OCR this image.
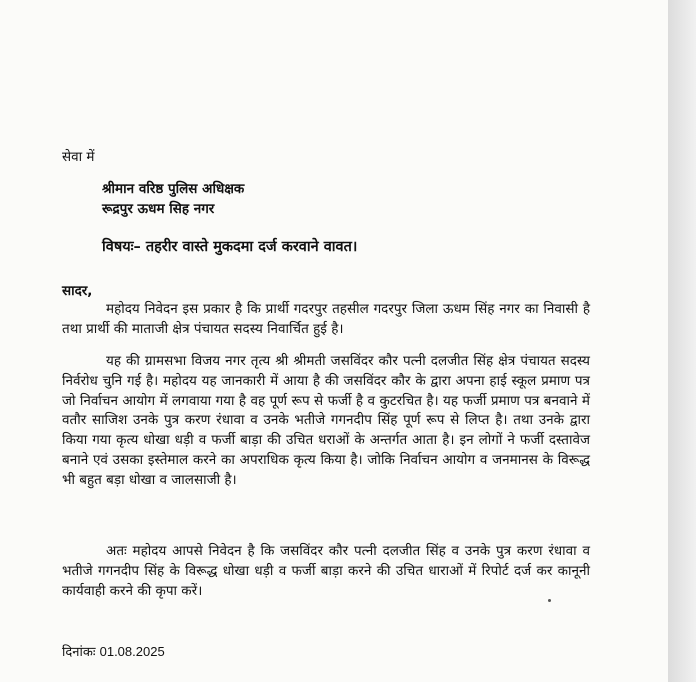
सेवा में

श्रीमान वरिष्ठ पुलिस अधिक्षक

रूद्रपुर ऊधम सिह नगर

विषयः– तहरीर वास्ते मुकदमा दर्ज करवाने वावत।

सादर,

महोदय निवेदन इस प्रकार है कि प्रार्थी गदरपुर तहसील गदरपुर जिला ऊधम सिंह नगर का निवासी है तथा प्रार्थी की माताजी क्षेत्र पंचायत सदस्य निवार्चित हुई है।

यह की ग्रामसभा विजय नगर तृत्य श्री श्रीमती जसविंदर कौर पत्नी दलजीत सिंह क्षेत्र पंचायत सदस्य निर्वरोध चुनि गई है। महोदय यह जानकारी में आया है की जसविंदर कौर के द्वारा अपना हाई स्कूल प्रमाण पत्र जो निर्वाचन आयोग में लगवाया गया है वह पूर्ण रूप से फर्जी है व कुटरचित है। यह फर्जी प्रमाण पत्र बनवाने में वतौर साजिश उनके पुत्र करण रंधावा व उनके भतीजे गगनदीप सिंह पूर्ण रूप से लिप्त है। तथा उनके द्वारा किया गया कृत्य धोखा धड़ी व फर्जी बाड़ा की उचित धराओं के अन्तर्गत आता है। इन लोगों ने फर्जी दस्तावेज बनाने एवं उसका इस्तेमाल करने का अपराधिक कृत्य किया है। जोकि निर्वाचन आयोग व जनमानस के विरूद्ध भी बहुत बड़ा धोखा व जालसाजी है।

अतः महोदय आपसे निवेदन है कि जसविंदर कौर पत्नी दलजीत सिंह व उनके पुत्र करण रंधावा व भतीजे गगनदीप सिंह के विरूद्ध धोखा धड़ी व फर्जी बाड़ा करने की उचित धाराओं में रिपोर्ट दर्ज कर कानूनी कार्यवाही करने की कृपा करें।

दिनांकः 01.08.2025
